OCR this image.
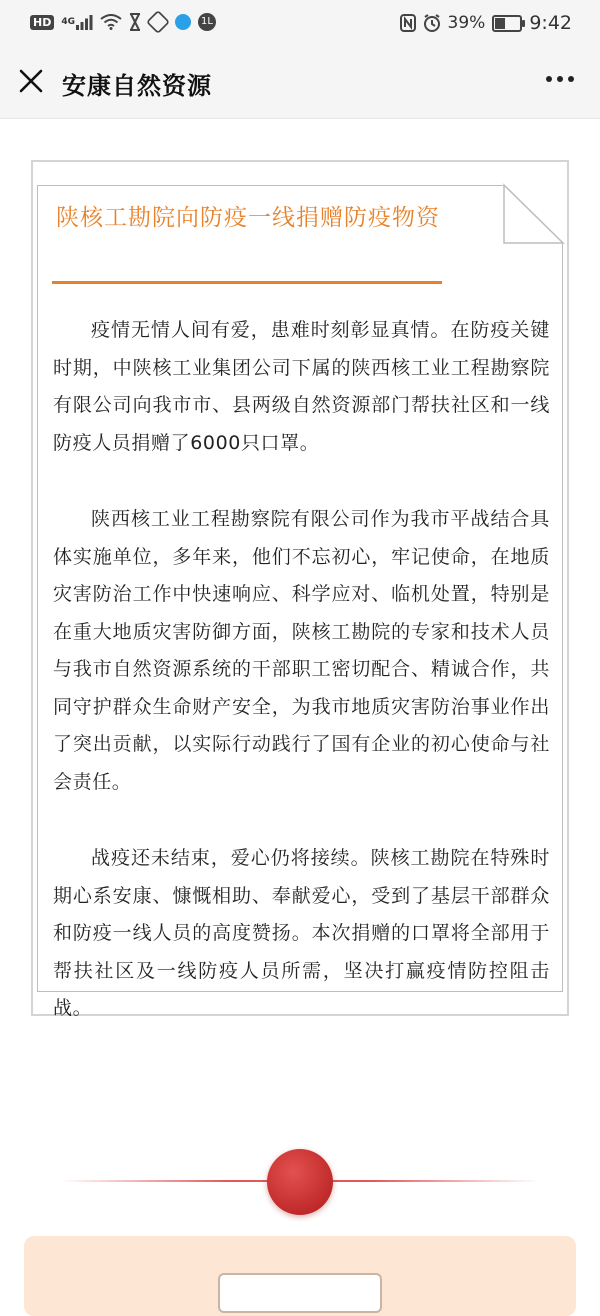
HD	4G	1L	39% 9:42
安康自然资源
陕核工勘院向防疫一线捐赠防疫物资

疫情无情人间有爱，患难时刻彰显真情。在防疫关键时期，中陕核工业集团公司下属的陕西核工业工程勘察院有限公司向我市市、县两级自然资源部门帮扶社区和一线防疫人员捐赠了6000只口罩。

陕西核工业工程勘察院有限公司作为我市平战结合具体实施单位，多年来，他们不忘初心，牢记使命，在地质灾害防治工作中快速响应、科学应对、临机处置，特别是在重大地质灾害防御方面，陕核工勘院的专家和技术人员与我市自然资源系统的干部职工密切配合、精诚合作，共同守护群众生命财产安全，为我市地质灾害防治事业作出了突出贡献，以实际行动践行了国有企业的初心使命与社会责任。

战疫还未结束，爱心仍将接续。陕核工勘院在特殊时期心系安康、慷慨相助、奉献爱心，受到了基层干部群众和防疫一线人员的高度赞扬。本次捐赠的口罩将全部用于帮扶社区及一线防疫人员所需，坚决打赢疫情防控阻击战。
